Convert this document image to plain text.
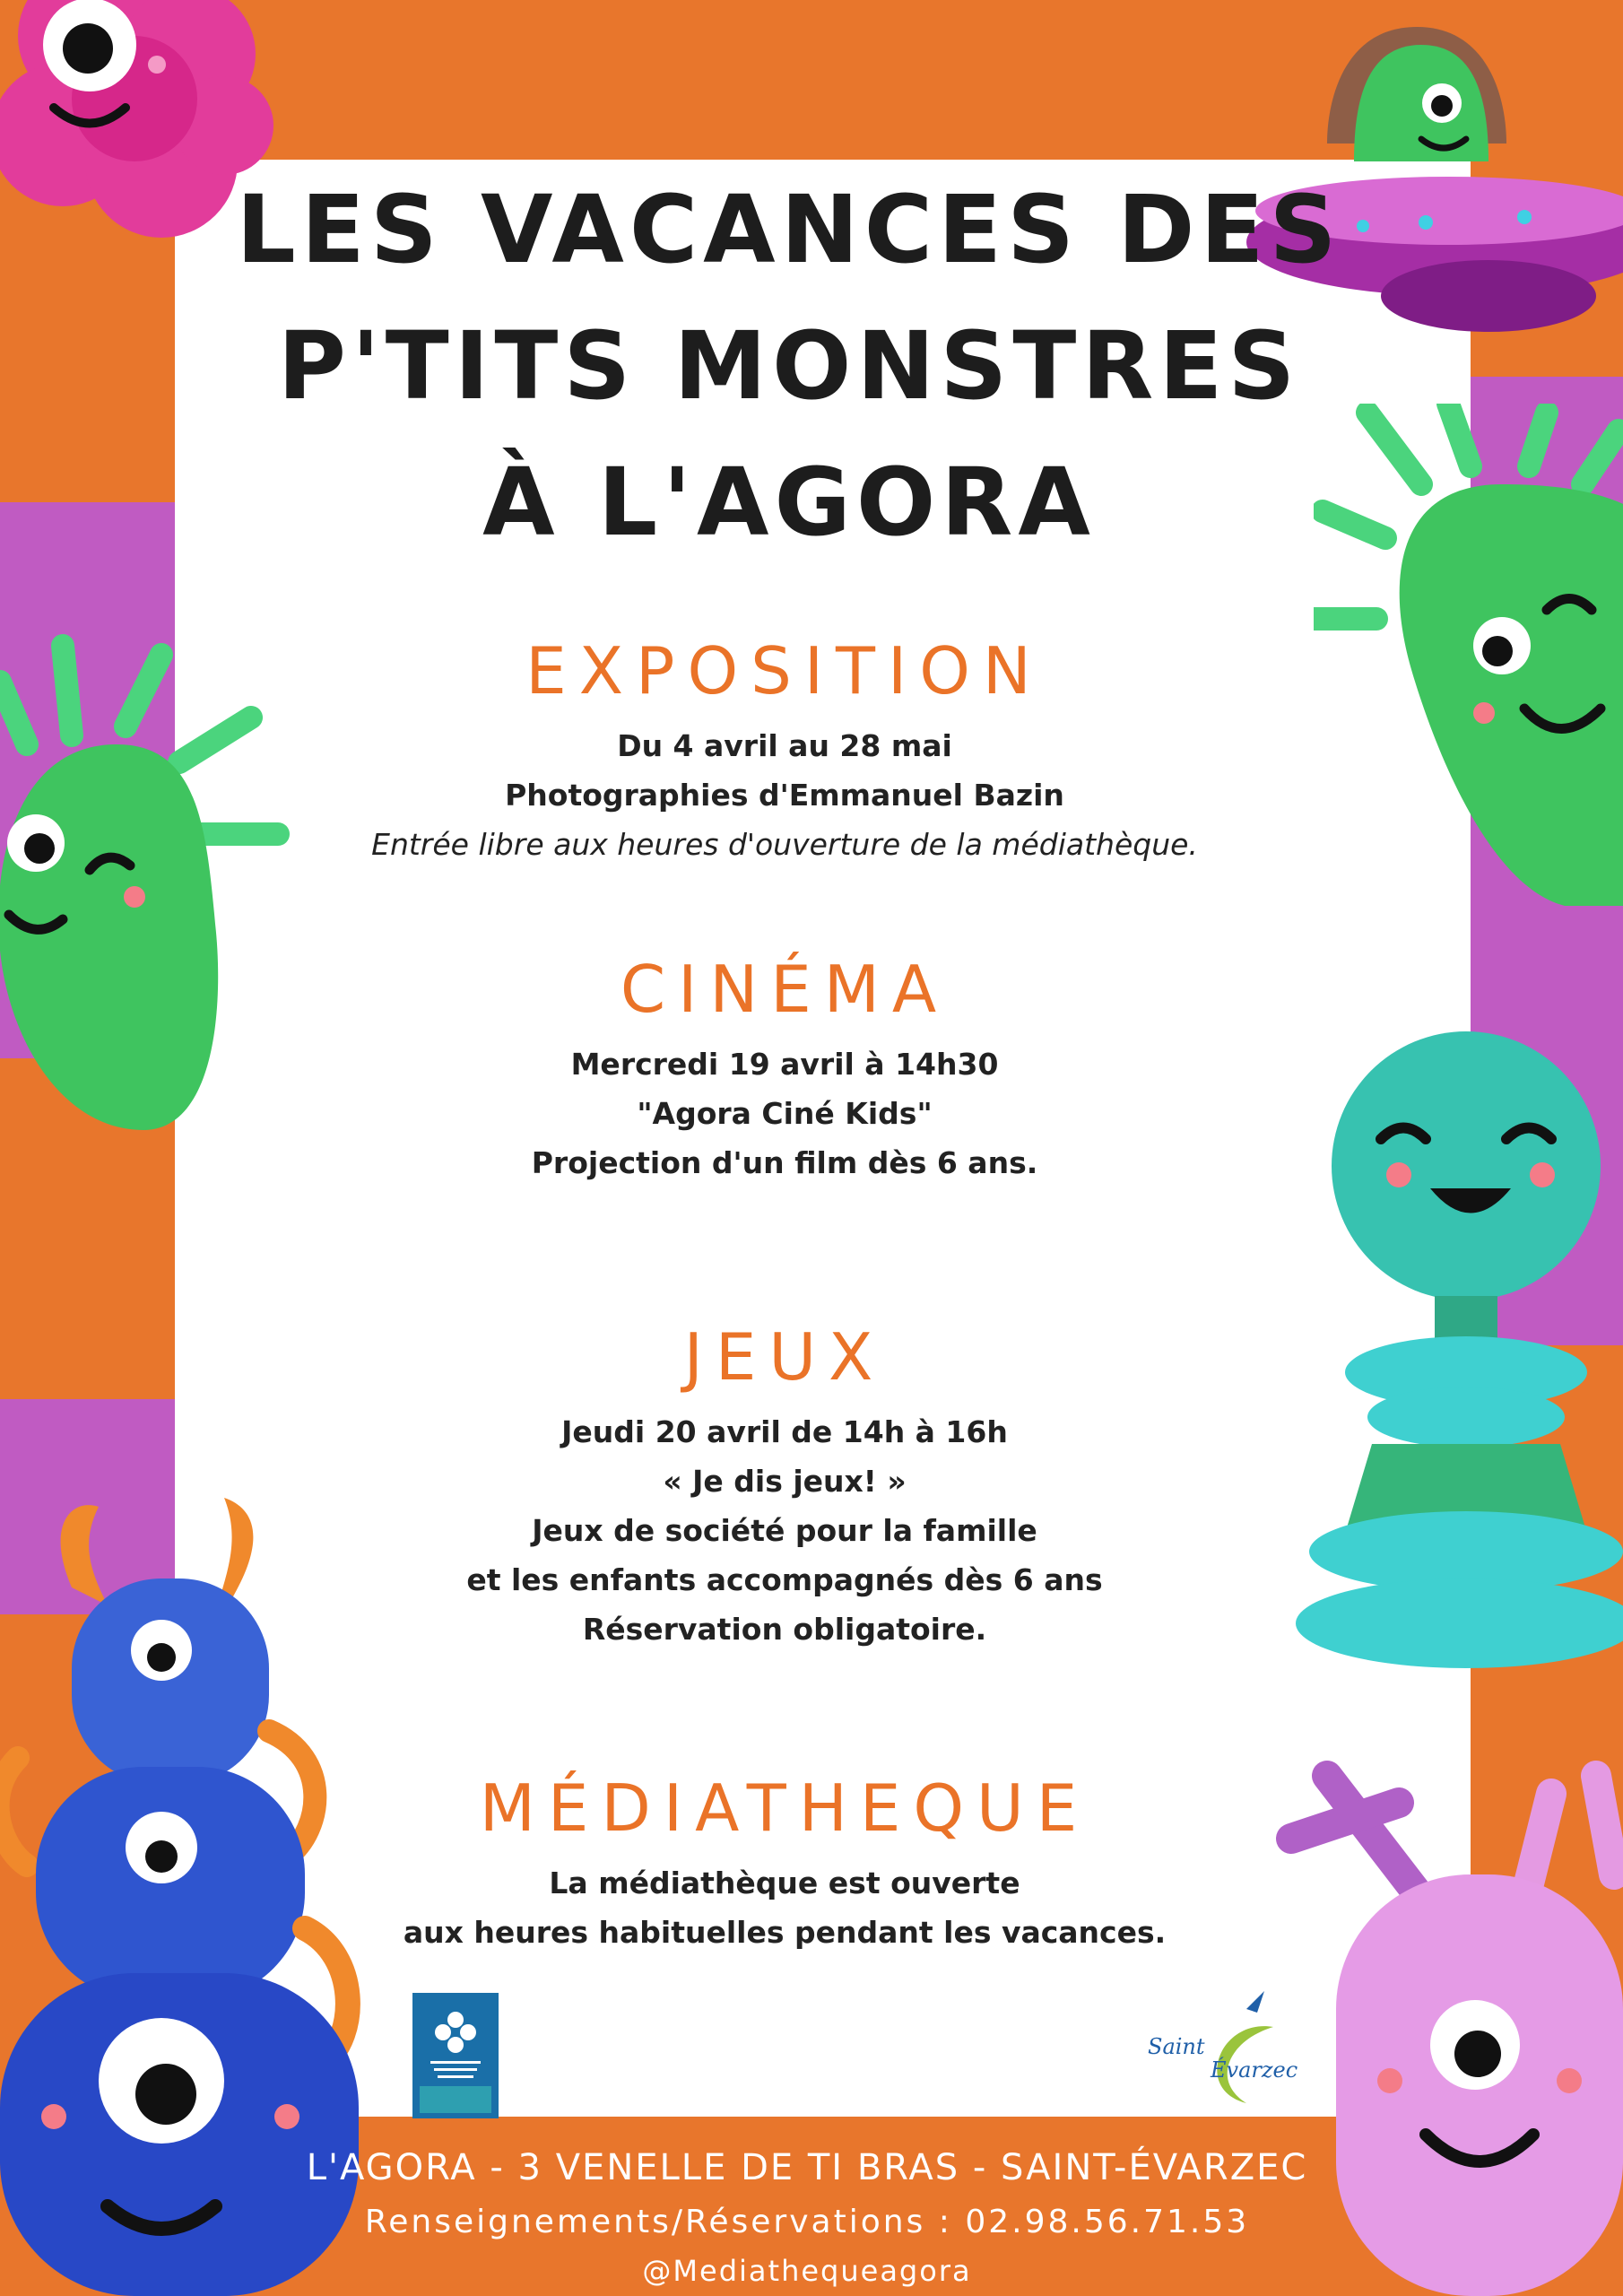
LES VACANCES DES
P'TITS MONSTRES
À L'AGORA
EXPOSITION
Du 4 avril au 28 mai
Photographies d'Emmanuel Bazin
Entrée libre aux heures d'ouverture de la médiathèque.
CINÉMA
Mercredi 19 avril à 14h30
"Agora Ciné Kids"
Projection d'un film dès 6 ans.
JEUX
Jeudi 20 avril de 14h à 16h
« Je dis jeux! »
Jeux de société pour la famille
et les enfants accompagnés dès 6 ans
Réservation obligatoire.
MÉDIATHEQUE
La médiathèque est ouverte
aux heures habituelles pendant les vacances.
Saint
Évarzec
L'AGORA - 3 VENELLE DE TI BRAS - SAINT-ÉVARZEC
Renseignements/Réservations : 02.98.56.71.53
@Mediathequeagora
